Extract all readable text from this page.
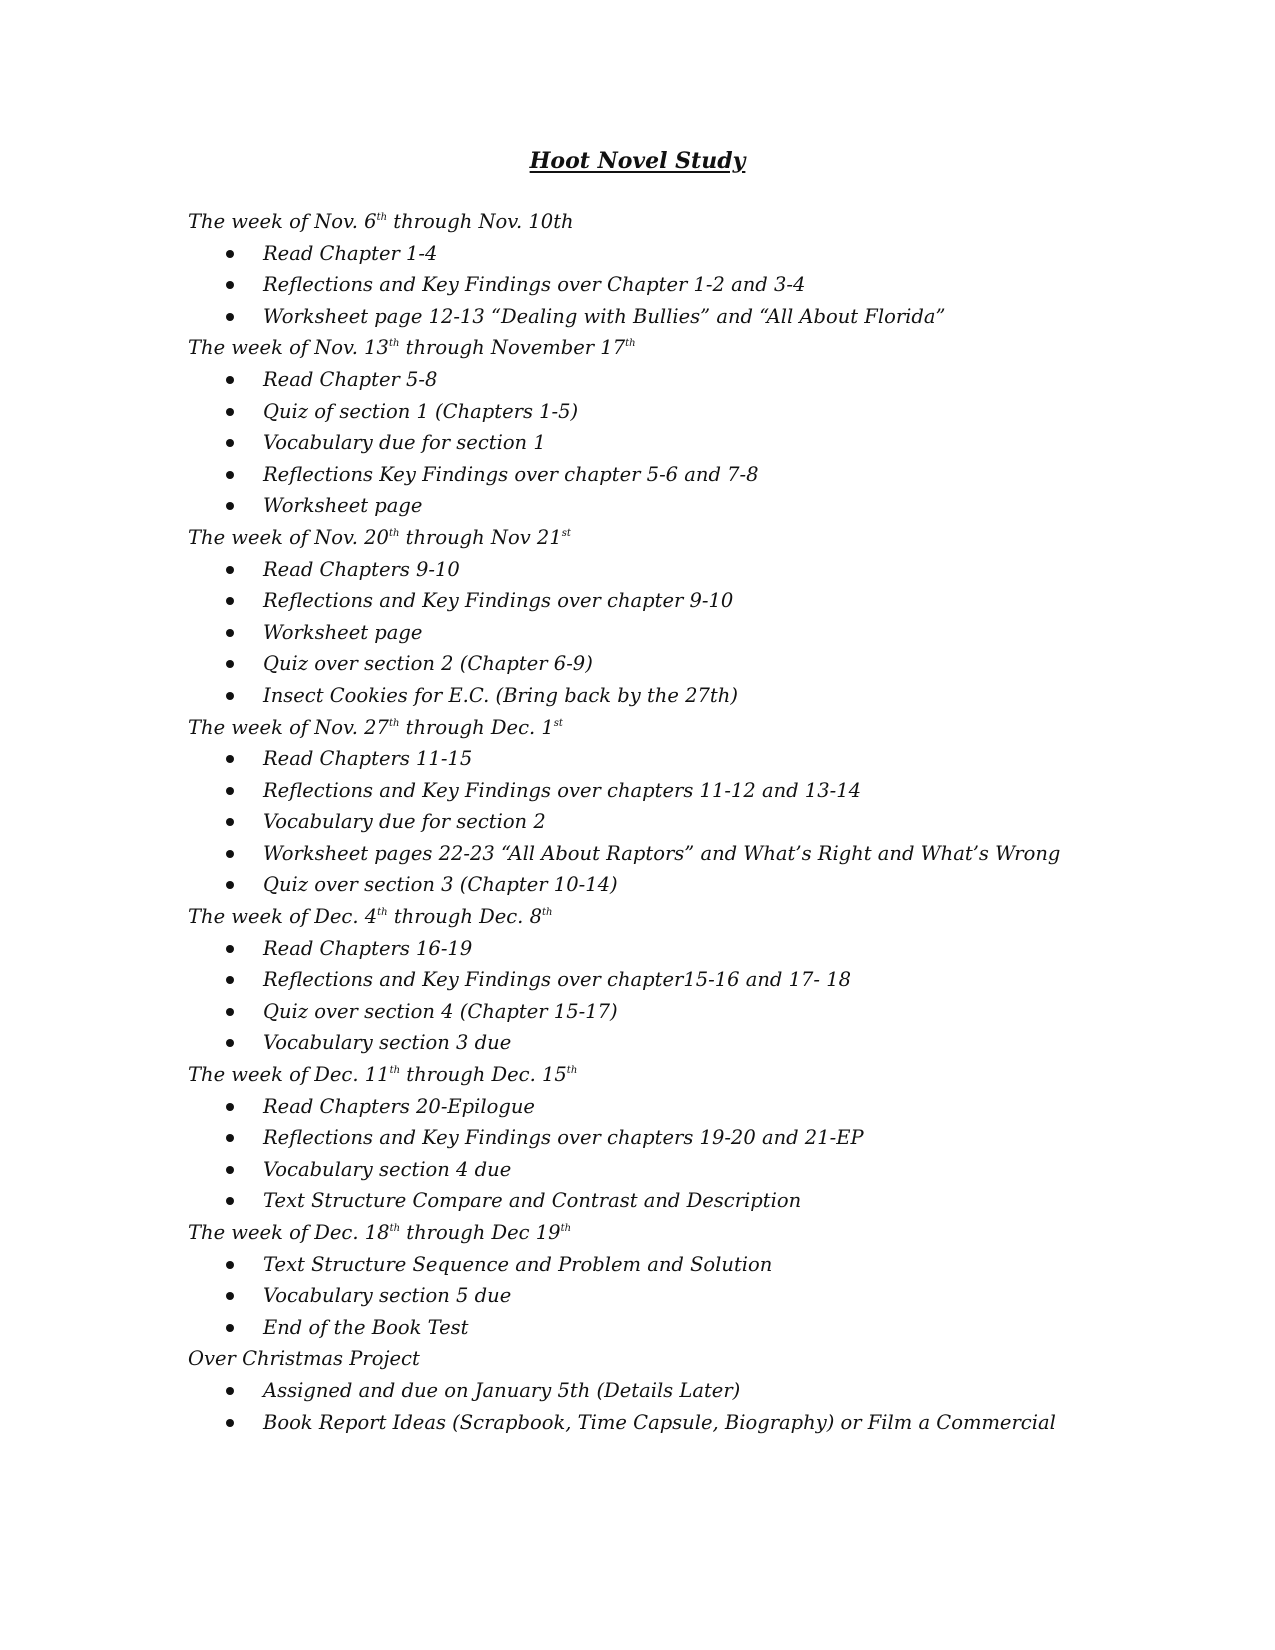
Hoot Novel Study
The week of Nov. 6th through Nov. 10th
Read Chapter 1-4
Reflections and Key Findings over Chapter 1-2 and 3-4
Worksheet page 12-13 “Dealing with Bullies” and “All About Florida”
The week of Nov. 13th through November 17th
Read Chapter 5-8
Quiz of section 1 (Chapters 1-5)
Vocabulary due for section 1
Reflections Key Findings over chapter 5-6 and 7-8
Worksheet page
The week of Nov. 20th through Nov 21st
Read Chapters 9-10
Reflections and Key Findings over chapter 9-10
Worksheet page
Quiz over section 2 (Chapter 6-9)
Insect Cookies for E.C. (Bring back by the 27th)
The week of Nov. 27th through Dec. 1st
Read Chapters 11-15
Reflections and Key Findings over chapters 11-12 and 13-14
Vocabulary due for section 2
Worksheet pages 22-23 “All About Raptors” and What’s Right and What’s Wrong
Quiz over section 3 (Chapter 10-14)
The week of Dec. 4th through Dec. 8th
Read Chapters 16-19
Reflections and Key Findings over chapter15-16 and 17- 18
Quiz over section 4 (Chapter 15-17)
Vocabulary section 3 due
The week of Dec. 11th through Dec. 15th
Read Chapters 20-Epilogue
Reflections and Key Findings over chapters 19-20 and 21-EP
Vocabulary section 4 due
Text Structure Compare and Contrast and Description
The week of Dec. 18th through Dec 19th
Text Structure Sequence and Problem and Solution
Vocabulary section 5 due
End of the Book Test
Over Christmas Project
Assigned and due on January 5th (Details Later)
Book Report Ideas (Scrapbook, Time Capsule, Biography) or Film a Commercial
